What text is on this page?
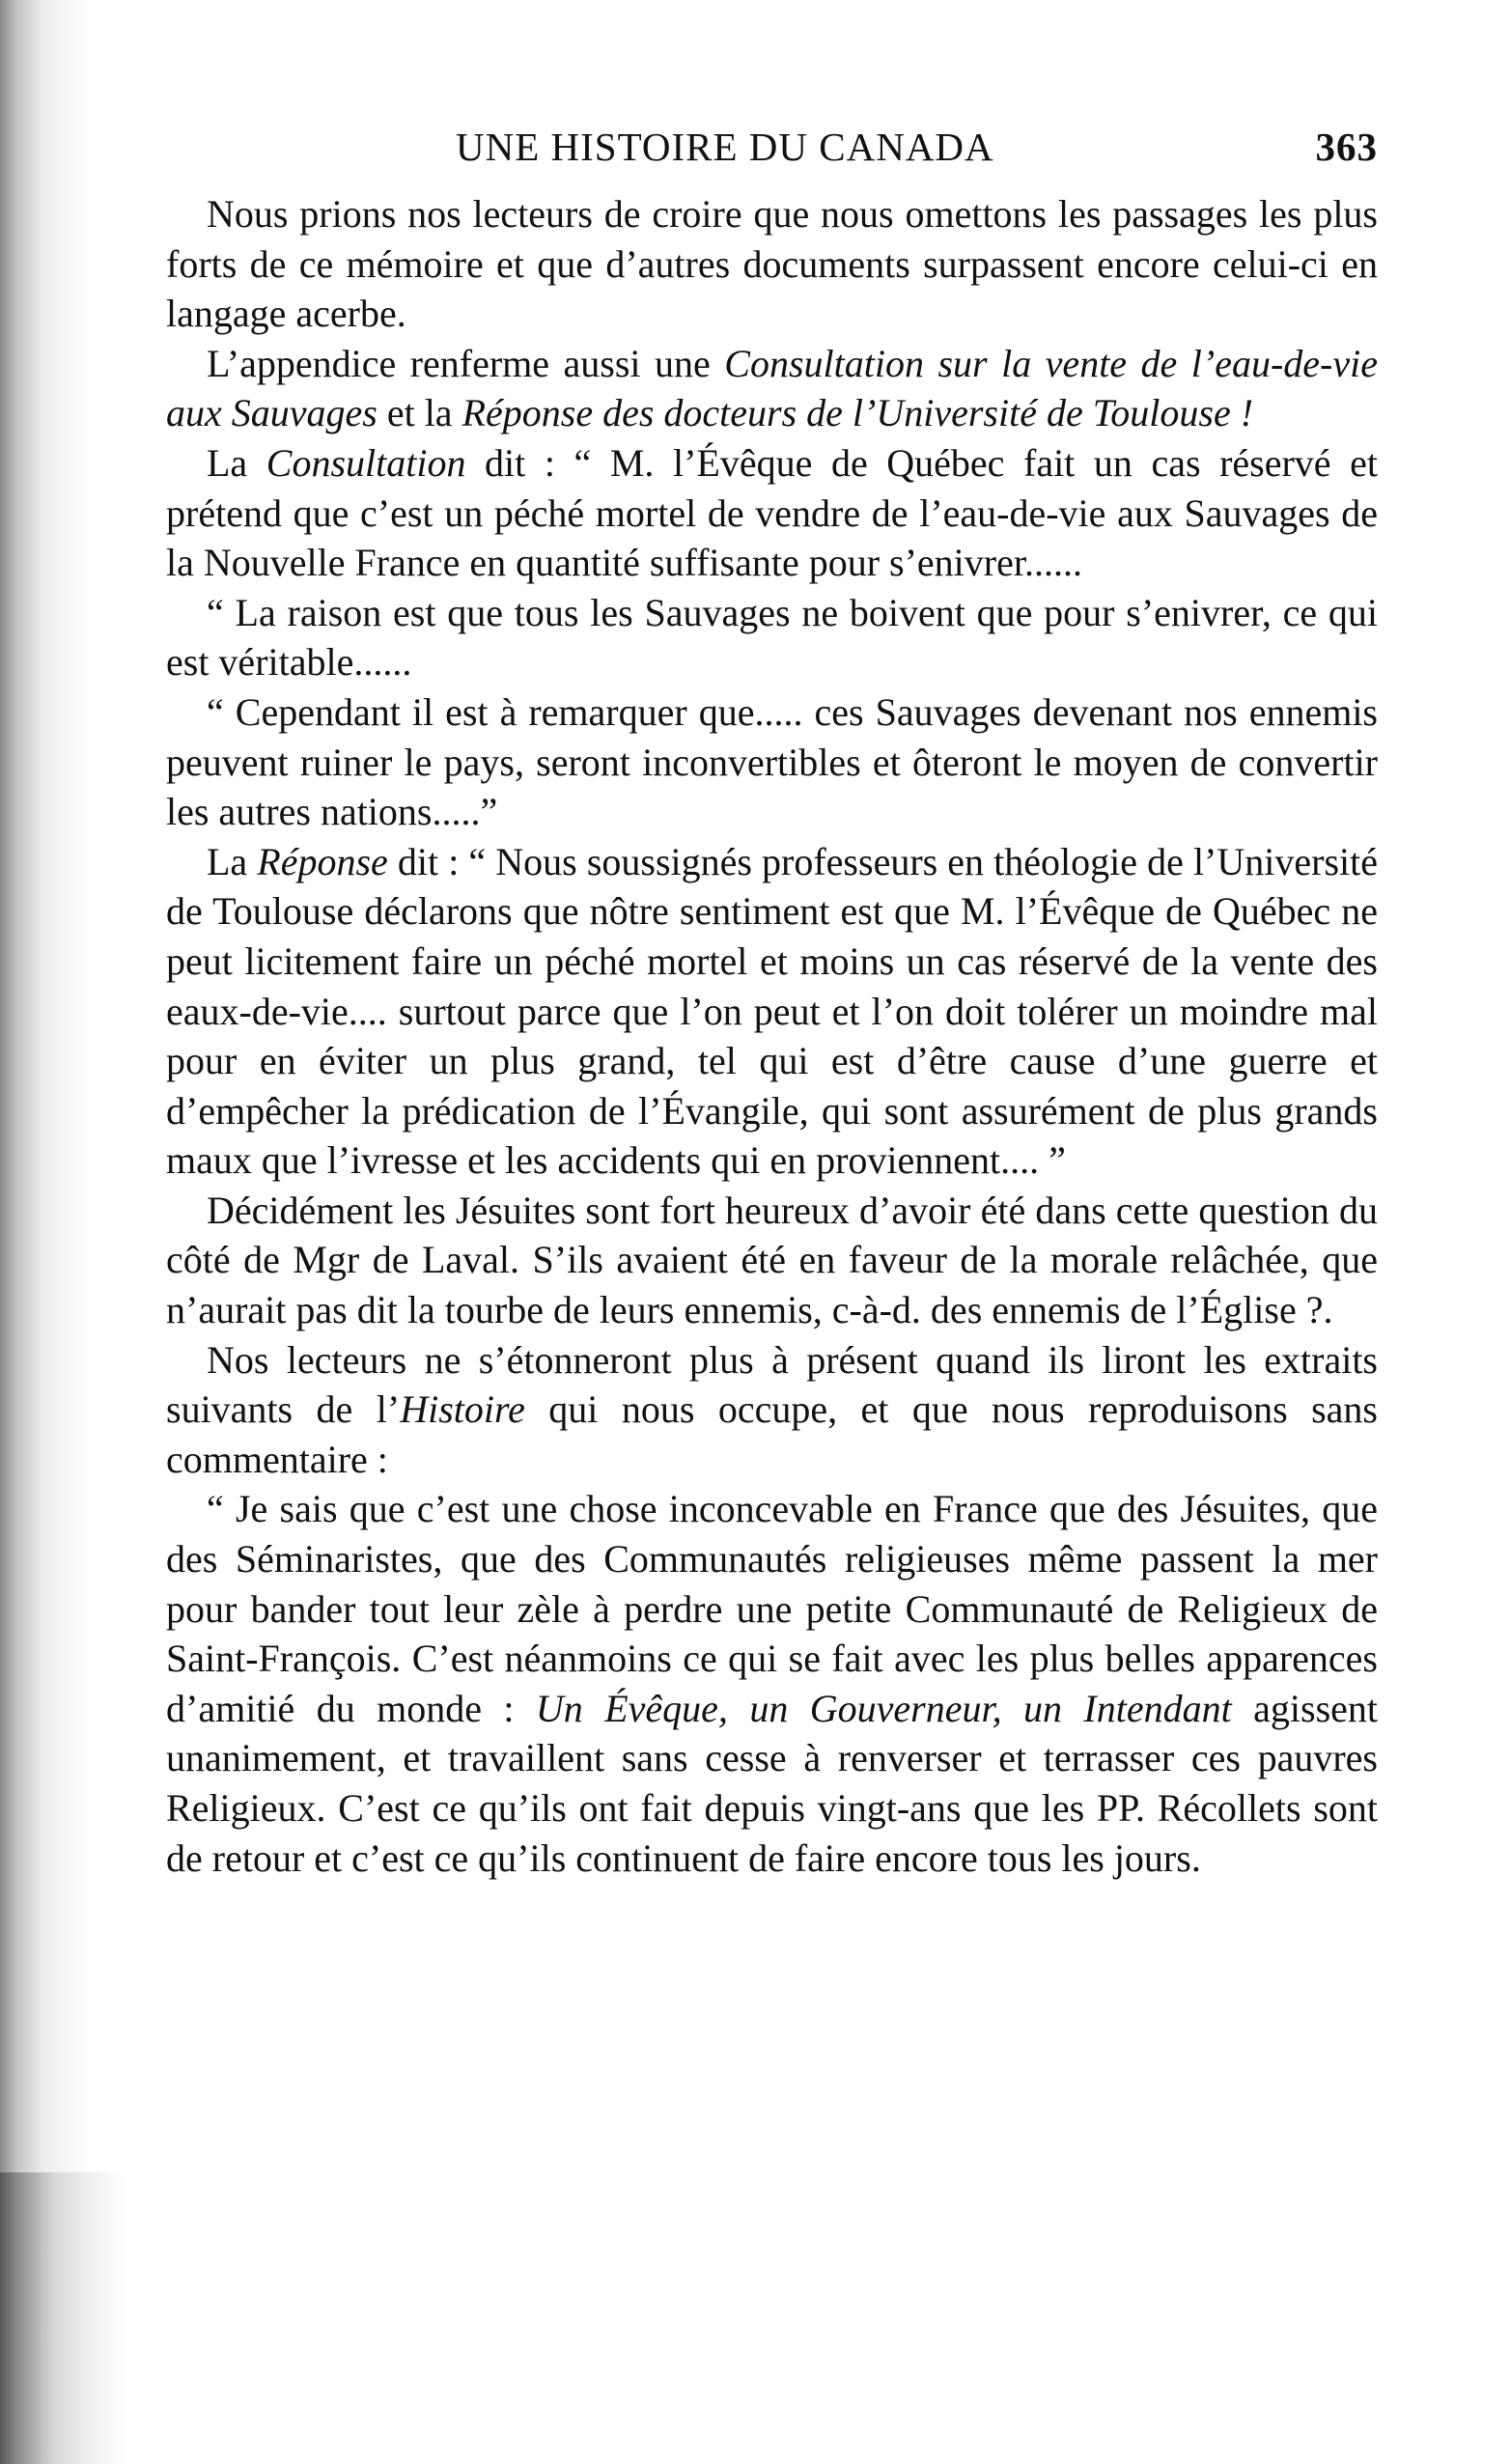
UNE HISTOIRE DU CANADA	363

Nous prions nos lecteurs de croire que nous omettons les passages les plus forts de ce mémoire et que d’autres documents surpassent encore celui-ci en langage acerbe.

L’appendice renferme aussi une Consultation sur la vente de l’eau-de-vie aux Sauvages et la Réponse des docteurs de l’Université de Toulouse !

La Consultation dit : “ M. l’Évêque de Québec fait un cas réservé et prétend que c’est un péché mortel de vendre de l’eau-de-vie aux Sauvages de la Nouvelle France en quantité suffisante pour s’enivrer......

“ La raison est que tous les Sauvages ne boivent que pour s’enivrer, ce qui est véritable......

“ Cependant il est à remarquer que..... ces Sauvages devenant nos ennemis peuvent ruiner le pays, seront inconvertibles et ôteront le moyen de convertir les autres nations.....”

La Réponse dit : “ Nous soussignés professeurs en théologie de l’Université de Toulouse déclarons que nôtre sentiment est que M. l’Évêque de Québec ne peut licitement faire un péché mortel et moins un cas réservé de la vente des eaux-de-vie.... surtout parce que l’on peut et l’on doit tolérer un moindre mal pour en éviter un plus grand, tel qui est d’être cause d’une guerre et d’empêcher la prédication de l’Évangile, qui sont assurément de plus grands maux que l’ivresse et les accidents qui en proviennent.... ”

Décidément les Jésuites sont fort heureux d’avoir été dans cette question du côté de Mgr de Laval. S’ils avaient été en faveur de la morale relâchée, que n’aurait pas dit la tourbe de leurs ennemis, c-à-d. des ennemis de l’Église ?.

Nos lecteurs ne s’étonneront plus à présent quand ils liront les extraits suivants de l’Histoire qui nous occupe, et que nous reproduisons sans commentaire :

“ Je sais que c’est une chose inconcevable en France que des Jésuites, que des Séminaristes, que des Communautés religieuses même passent la mer pour bander tout leur zèle à perdre une petite Communauté de Religieux de Saint-François. C’est néanmoins ce qui se fait avec les plus belles apparences d’amitié du monde : Un Évêque, un Gouverneur, un Intendant agissent unanimement, et travaillent sans cesse à renverser et terrasser ces pauvres Religieux. C’est ce qu’ils ont fait depuis vingt-ans que les PP. Récollets sont de retour et c’est ce qu’ils continuent de faire encore tous les jours.
